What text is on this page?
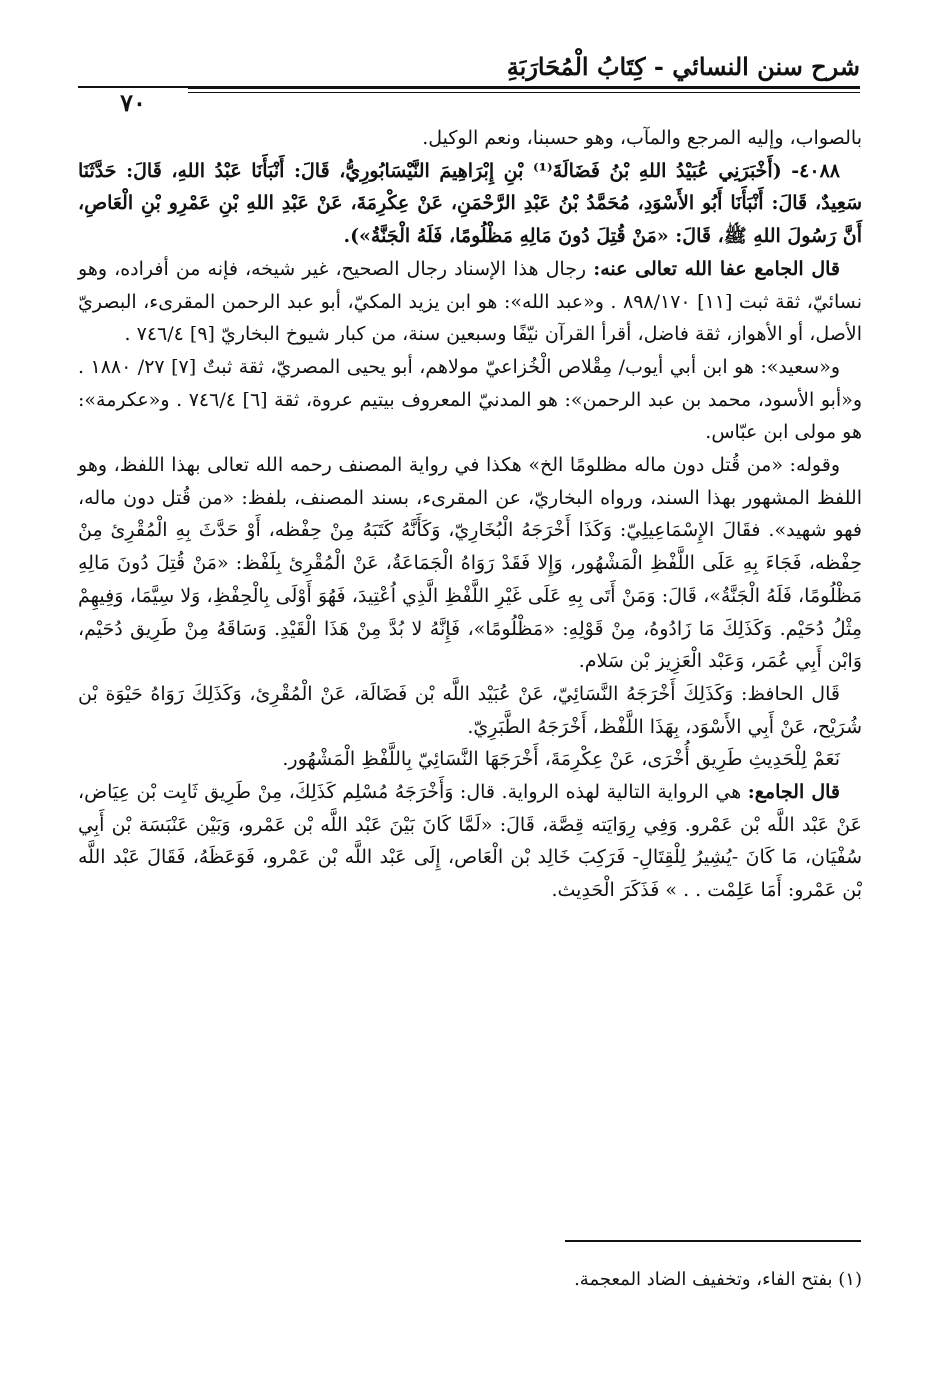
شرح سنن النسائي - كِتَابُ الْمُحَارَبَةِ
٧٠

بالصواب، وإليه المرجع والمآب، وهو حسبنا، ونعم الوكيل.

٤٠٨٨- (أَخْبَرَنِي عُبَيْدُ اللهِ بْنُ فَضَالَةَ⁽¹⁾ بْنِ إِبْرَاهِيمَ النَّيْسَابُورِيُّ، قَالَ: أَنْبَأَنَا عَبْدُ اللهِ، قَالَ: حَدَّثَنَا سَعِيدٌ، قَالَ: أَنْبَأَنَا أَبُو الأَسْوَدِ، مُحَمَّدُ بْنُ عَبْدِ الرَّحْمَنِ، عَنْ عِكْرِمَةَ، عَنْ عَبْدِ اللهِ بْنِ عَمْرِو بْنِ الْعَاصِ، أَنَّ رَسُولَ اللهِ ﷺ، قَالَ: «مَنْ قُتِلَ دُونَ مَالِهِ مَظْلُومًا، فَلَهُ الْجَنَّةُ»).

قال الجامع عفا الله تعالى عنه: رجال هذا الإسناد رجال الصحيح، غير شيخه، فإنه من أفراده، وهو نسائيّ، ثقة ثبت [١١] ٨٩٨/١٧٠ . و«عبد الله»: هو ابن يزيد المكيّ، أبو عبد الرحمن المقرىء، البصريّ الأصل، أو الأهواز، ثقة فاضل، أقرأ القرآن نيّفًا وسبعين سنة، من كبار شيوخ البخاريّ [٩] ٧٤٦/٤ .

و«سعيد»: هو ابن أبي أيوب/ مِقْلاص الْخُزاعيّ مولاهم، أبو يحيى المصريّ، ثقة ثبتٌ [٧] ٢٧/ ١٨٨٠ . و«أبو الأسود، محمد بن عبد الرحمن»: هو المدنيّ المعروف بيتيم عروة، ثقة [٦] ٧٤٦/٤ . و«عكرمة»: هو مولى ابن عبّاس.

وقوله: «من قُتل دون ماله مظلومًا الخ» هكذا في رواية المصنف رحمه الله تعالى بهذا اللفظ، وهو اللفظ المشهور بهذا السند، ورواه البخاريّ، عن المقرىء، بسند المصنف، بلفظ: «من قُتل دون ماله، فهو شهيد». فقَالَ الإِسْمَاعِيلِيّ: وَكَذَا أَخْرَجَهُ الْبُخَارِيّ، وَكَأَنَّهُ كَتَبَهُ مِنْ حِفْظه، أَوْ حَدَّثَ بِهِ الْمُقْرِئ مِنْ حِفْظه، فَجَاءَ بِهِ عَلَى اللَّفْظِ الْمَشْهُور، وَإِلا فَقَدْ رَوَاهُ الْجَمَاعَةُ، عَنْ الْمُقْرِئ بِلَفْظ: «مَنْ قُتِلَ دُونَ مَالِهِ مَظْلُومًا، فَلَهُ الْجَنَّةُ»، قَالَ: وَمَنْ أَتَى بِهِ عَلَى غَيْرِ اللَّفْظِ الَّذِي اُعْتِيدَ، فَهُوَ أَوْلَى بِالْحِفْظِ، وَلا سِيَّمَا، وَفِيهِمْ مِثْلُ دُحَيْم. وَكَذَلِكَ مَا زَادُوهُ، مِنْ قَوْلِهِ: «مَظْلُومًا»، فَإِنَّهُ لا بُدَّ مِنْ هَذَا الْقَيْدِ. وَسَاقَهُ مِنْ طَرِيق دُحَيْم، وَابْن أَبِي عُمَر، وَعَبْد الْعَزِيز بْن سَلام.

قَال الحافظ: وَكَذَلِكَ أَخْرَجَهُ النَّسَائِيّ، عَنْ عُبَيْد اللَّه بْن فَضَالَة، عَنْ الْمُقْرِئ، وَكَذَلِكَ رَوَاهُ حَيْوَة بْن شُرَيْح، عَنْ أَبِي الأَسْوَد، بِهَذَا اللَّفْظ، أَخْرَجَهُ الطَّبَرِيّ.

نَعَمْ لِلْحَدِيثِ طَرِيق أُخْرَى، عَنْ عِكْرِمَةَ، أَخْرَجَهَا النَّسَائِيّ بِاللَّفْظِ الْمَشْهُور.

قال الجامع: هي الرواية التالية لهذه الرواية. قال: وَأَخْرَجَهُ مُسْلِم كَذَلِكَ، مِنْ طَرِيق ثَابِت بْن عِيَاض، عَنْ عَبْد اللَّه بْن عَمْرو. وَفِي رِوَايَته قِصَّة، قَالَ: «لَمَّا كَانَ بَيْنَ عَبْد اللَّه بْن عَمْرو، وَبَيْن عَنْبَسَة بْن أَبِي سُفْيَان، مَا كَانَ -يُشِيرُ لِلْقِتَالِ- فَرَكِبَ خَالِد بْن الْعَاص، إِلَى عَبْد اللَّه بْن عَمْرو، فَوَعَظَهُ، فَقَالَ عَبْد اللَّه بْن عَمْرو: أَمَا عَلِمْت . . » فَذَكَرَ الْحَدِيث.

(١) بفتح الفاء، وتخفيف الضاد المعجمة.
